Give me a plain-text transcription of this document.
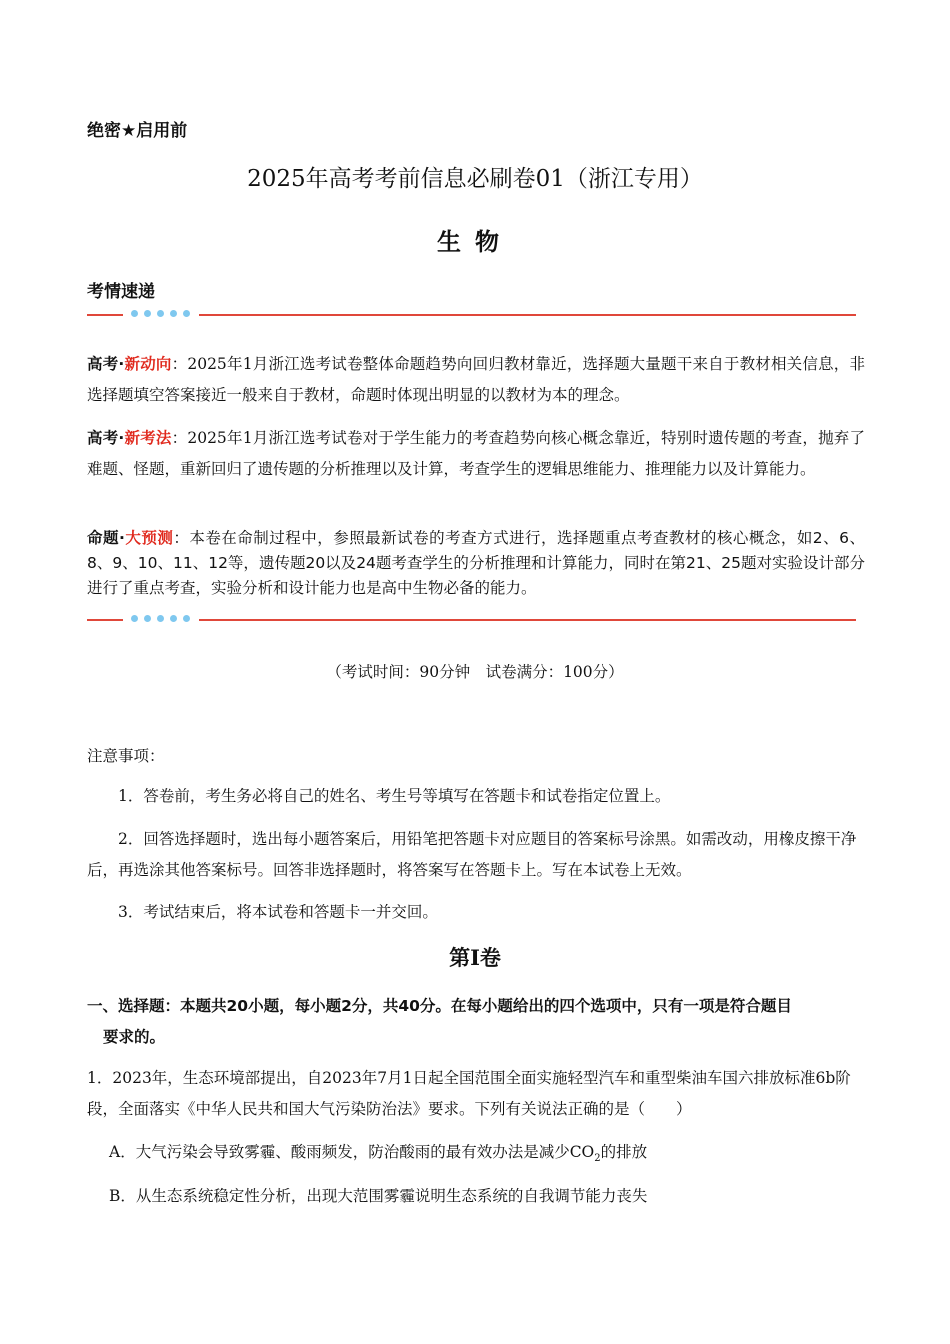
绝密★启用前
2025年高考考前信息必刷卷01（浙江专用）
生物
考情速递
高考·新动向：2025年1月浙江选考试卷整体命题趋势向回归教材靠近，选择题大量题干来自于教材相关信息，非选择题填空答案接近一般来自于教材，命题时体现出明显的以教材为本的理念。
高考·新考法：2025年1月浙江选考试卷对于学生能力的考查趋势向核心概念靠近，特别时遗传题的考查，抛弃了难题、怪题，重新回归了遗传题的分析推理以及计算，考查学生的逻辑思维能力、推理能力以及计算能力。
命题·大预测：本卷在命制过程中，参照最新试卷的考查方式进行，选择题重点考查教材的核心概念，如2、6、8、9、10、11、12等，遗传题20以及24题考查学生的分析推理和计算能力，同时在第21、25题对实验设计部分进行了重点考查，实验分析和设计能力也是高中生物必备的能力。
（考试时间：90分钟　试卷满分：100分）
注意事项：
1．答卷前，考生务必将自己的姓名、考生号等填写在答题卡和试卷指定位置上。
2．回答选择题时，选出每小题答案后，用铅笔把答题卡对应题目的答案标号涂黑。如需改动，用橡皮擦干净后，再选涂其他答案标号。回答非选择题时，将答案写在答题卡上。写在本试卷上无效。
3．考试结束后，将本试卷和答题卡一并交回。
第Ⅰ卷
一、选择题：本题共20小题，每小题2分，共40分。在每小题给出的四个选项中，只有一项是符合题目
要求的。
1．2023年，生态环境部提出，自2023年7月1日起全国范围全面实施轻型汽车和重型柴油车国六排放标准6b阶段，全面落实《中华人民共和国大气污染防治法》要求。下列有关说法正确的是（　　）
A．大气污染会导致雾霾、酸雨频发，防治酸雨的最有效办法是减少$CO_2$的排放
B．从生态系统稳定性分析，出现大范围雾霾说明生态系统的自我调节能力丧失
